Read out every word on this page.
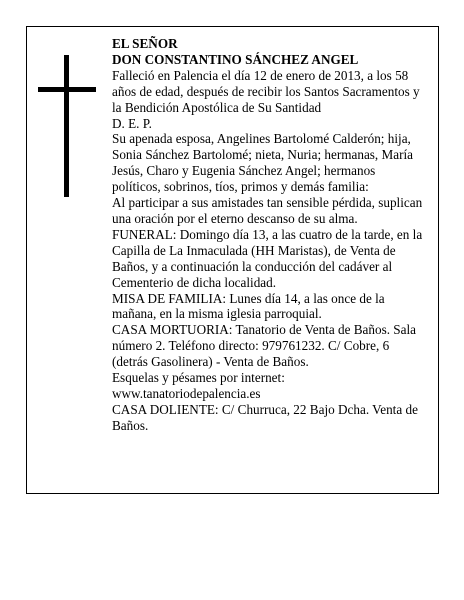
EL SEÑOR

DON CONSTANTINO SÁNCHEZ ANGEL

Falleció en Palencia el día 12 de enero de 2013, a los 58 años de edad, después de recibir los Santos Sacramentos y la Bendición Apostólica de Su Santidad

D. E. P.

Su apenada esposa, Angelines Bartolomé Calderón; hija, Sonia Sánchez Bartolomé; nieta, Nuria; hermanas, María Jesús, Charo y Eugenia Sánchez Angel; hermanos políticos, sobrinos, tíos, primos y demás familia:

Al participar a sus amistades tan sensible pérdida, suplican una oración por el eterno descanso de su alma.

FUNERAL: Domingo día 13, a las cuatro de la tarde, en la Capilla de La Inmaculada (HH Maristas), de Venta de Baños, y a continuación la conducción del cadáver al Cementerio de dicha localidad.

MISA DE FAMILIA: Lunes día 14, a las once de la mañana, en la misma iglesia parroquial.

CASA MORTUORIA: Tanatorio de Venta de Baños. Sala número 2. Teléfono directo: 979761232. C/ Cobre, 6 (detrás Gasolinera) - Venta de Baños.

Esquelas y pésames por internet:

www.tanatoriodepalencia.es

CASA DOLIENTE: C/ Churruca, 22 Bajo Dcha. Venta de Baños.
